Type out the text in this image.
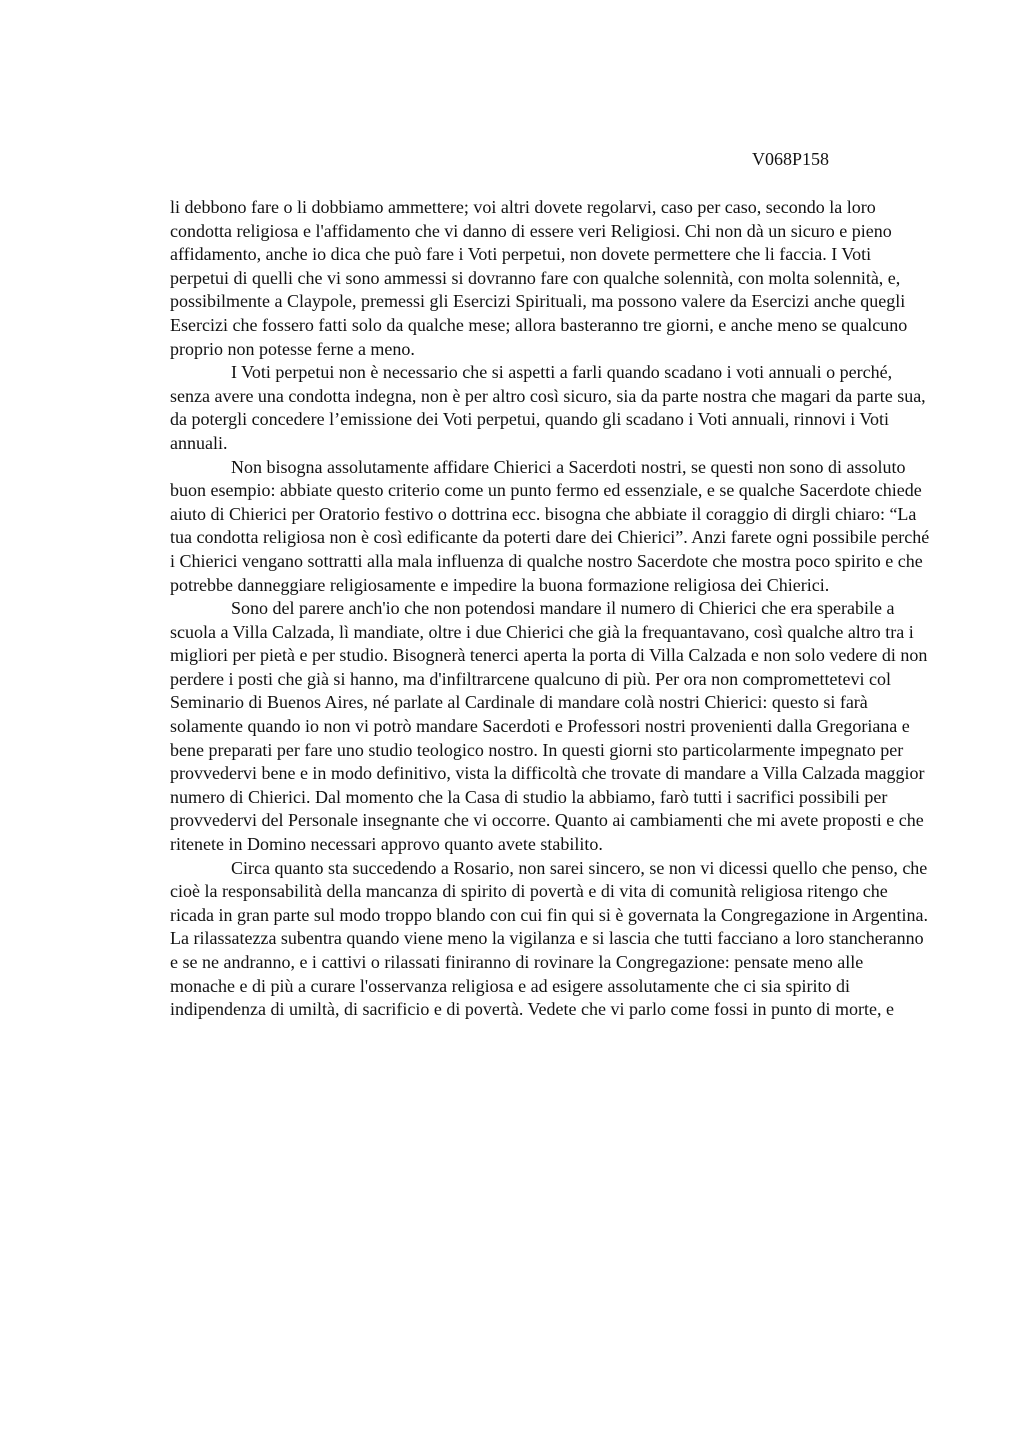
V068P158

li debbono fare o li dobbiamo ammettere; voi altri dovete regolarvi, caso per caso, secondo la loro condotta religiosa e l'affidamento che vi danno di essere veri Religiosi. Chi non dà un sicuro e pieno affidamento, anche io dica che può fare i Voti perpetui, non dovete permettere che li faccia. I Voti perpetui di quelli che vi sono ammessi si dovranno fare con qualche solennità, con molta solennità, e, possibilmente a Claypole, premessi gli Esercizi Spirituali, ma possono valere da Esercizi anche quegli Esercizi che fossero fatti solo da qualche mese; allora basteranno tre giorni, e anche meno se qualcuno proprio non potesse ferne a meno.

I Voti perpetui non è necessario che si aspetti a farli quando scadano i voti annuali o perché, senza avere una condotta indegna, non è per altro così sicuro, sia da parte nostra che magari da parte sua, da potergli concedere l’emissione dei Voti perpetui, quando gli scadano i Voti annuali, rinnovi i Voti annuali.

Non bisogna assolutamente affidare Chierici a Sacerdoti nostri, se questi non sono di assoluto buon esempio: abbiate questo criterio come un punto fermo ed essenziale, e se qualche Sacerdote chiede aiuto di Chierici per Oratorio festivo o dottrina ecc. bisogna che abbiate il coraggio di dirgli chiaro: “La tua condotta religiosa non è così edificante da poterti dare dei Chierici”. Anzi farete ogni possibile perché i Chierici vengano sottratti alla mala influenza di qualche nostro Sacerdote che mostra poco spirito e che potrebbe danneggiare religiosamente e impedire la buona formazione religiosa dei Chierici.

Sono del parere anch'io che non potendosi mandare il numero di Chierici che era sperabile a scuola a Villa Calzada, lì mandiate, oltre i due Chierici che già la frequantavano, così qualche altro tra i migliori per pietà e per studio. Bisognerà tenerci aperta la porta di Villa Calzada e non solo vedere di non perdere i posti che già si hanno, ma d'infiltrarcene qualcuno di più. Per ora non compromettetevi col Seminario di Buenos Aires, né parlate al Cardinale di mandare colà nostri Chierici: questo si farà solamente quando io non vi potrò mandare Sacerdoti e Professori nostri provenienti dalla Gregoriana e bene preparati per fare uno studio teologico nostro. In questi giorni sto particolarmente impegnato per provvedervi bene e in modo definitivo, vista la difficoltà che trovate di mandare a Villa Calzada maggior numero di Chierici. Dal momento che la Casa di studio la abbiamo, farò tutti i sacrifici possibili per provvedervi del Personale insegnante che vi occorre. Quanto ai cambiamenti che mi avete proposti e che ritenete in Domino necessari approvo quanto avete stabilito.

Circa quanto sta succedendo a Rosario, non sarei sincero, se non vi dicessi quello che penso, che cioè la responsabilità della mancanza di spirito di povertà e di vita di comunità religiosa ritengo che ricada in gran parte sul modo troppo blando con cui fin qui si è governata la Congregazione in Argentina. La rilassatezza subentra quando viene meno la vigilanza e si lascia che tutti facciano a loro stancheranno e se ne andranno, e i cattivi o rilassati finiranno di rovinare la Congregazione: pensate meno alle monache e di più a curare l'osservanza religiosa e ad esigere assolutamente che ci sia spirito di indipendenza di umiltà, di sacrificio e di povertà. Vedete che vi parlo come fossi in punto di morte, e
